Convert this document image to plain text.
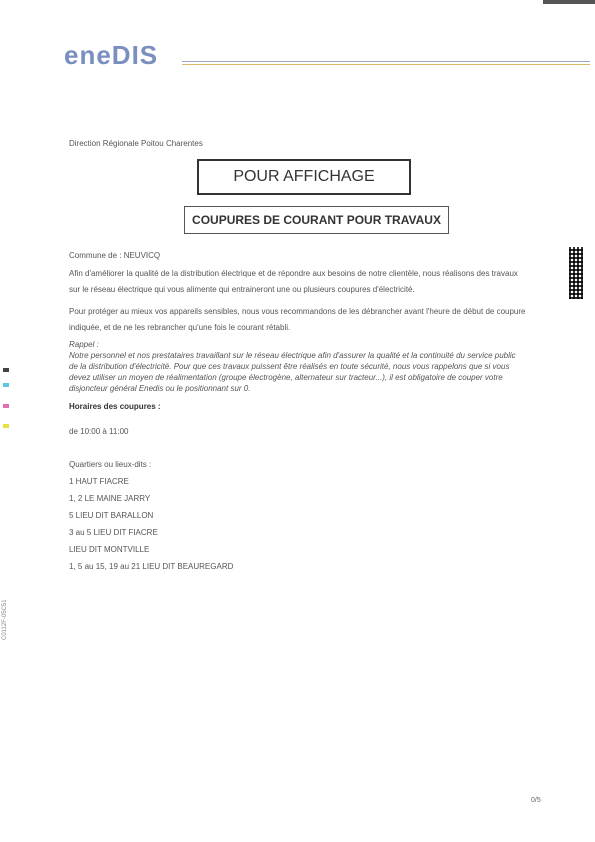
eneDIS
Direction Régionale Poitou Charentes
POUR AFFICHAGE
COUPURES DE COURANT POUR TRAVAUX
Commune de : NEUVICQ
Afin d'améliorer la qualité de la distribution électrique et de répondre aux besoins de notre clientèle, nous réalisons des travaux
sur le réseau électrique qui vous alimente qui entraineront une ou plusieurs coupures d'électricité.
Pour protéger au mieux vos appareils sensibles, nous vous recommandons de les débrancher avant l'heure de début de coupure
indiquée, et de ne les rebrancher qu'une fois le courant rétabli.
Rappel :
Notre personnel et nos prestataires travaillant sur le réseau électrique afin d'assurer la qualité et la continuité du service public
de la distribution d'électricité. Pour que ces travaux puissent être réalisés en toute sécurité, nous vous rappelons que si vous
devez utiliser un moyen de réalimentation (groupe électrogène, alternateur sur tracteur...), il est obligatoire de couper votre
disjoncteur général Enedis ou le positionnant sur 0.
Horaires des coupures :
de 10:00 à 11:00
Quartiers ou lieux-dits :
1 HAUT FIACRE
1, 2 LE MAINE JARRY
5 LIEU DIT BARALLON
3 au 5 LIEU DIT FIACRE
LIEU DIT MONTVILLE
1, 5 au 15, 19 au 21 LIEU DIT BEAUREGARD
C0112F-05C51
0/5
